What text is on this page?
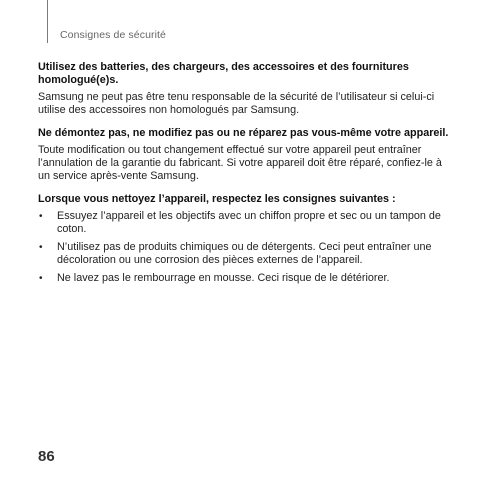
Consignes de sécurité

Utilisez des batteries, des chargeurs, des accessoires et des fournitures homologué(e)s.

Samsung ne peut pas être tenu responsable de la sécurité de l’utilisateur si celui-ci utilise des accessoires non homologués par Samsung.

Ne démontez pas, ne modifiez pas ou ne réparez pas vous-même votre appareil.

Toute modification ou tout changement effectué sur votre appareil peut entraîner l’annulation de la garantie du fabricant. Si votre appareil doit être réparé, confiez-le à un service après-vente Samsung.

Lorsque vous nettoyez l’appareil, respectez les consignes suivantes :

• Essuyez l’appareil et les objectifs avec un chiffon propre et sec ou un tampon de coton.
• N’utilisez pas de produits chimiques ou de détergents. Ceci peut entraîner une décoloration ou une corrosion des pièces externes de l’appareil.
• Ne lavez pas le rembourrage en mousse. Ceci risque de le détériorer.
86
